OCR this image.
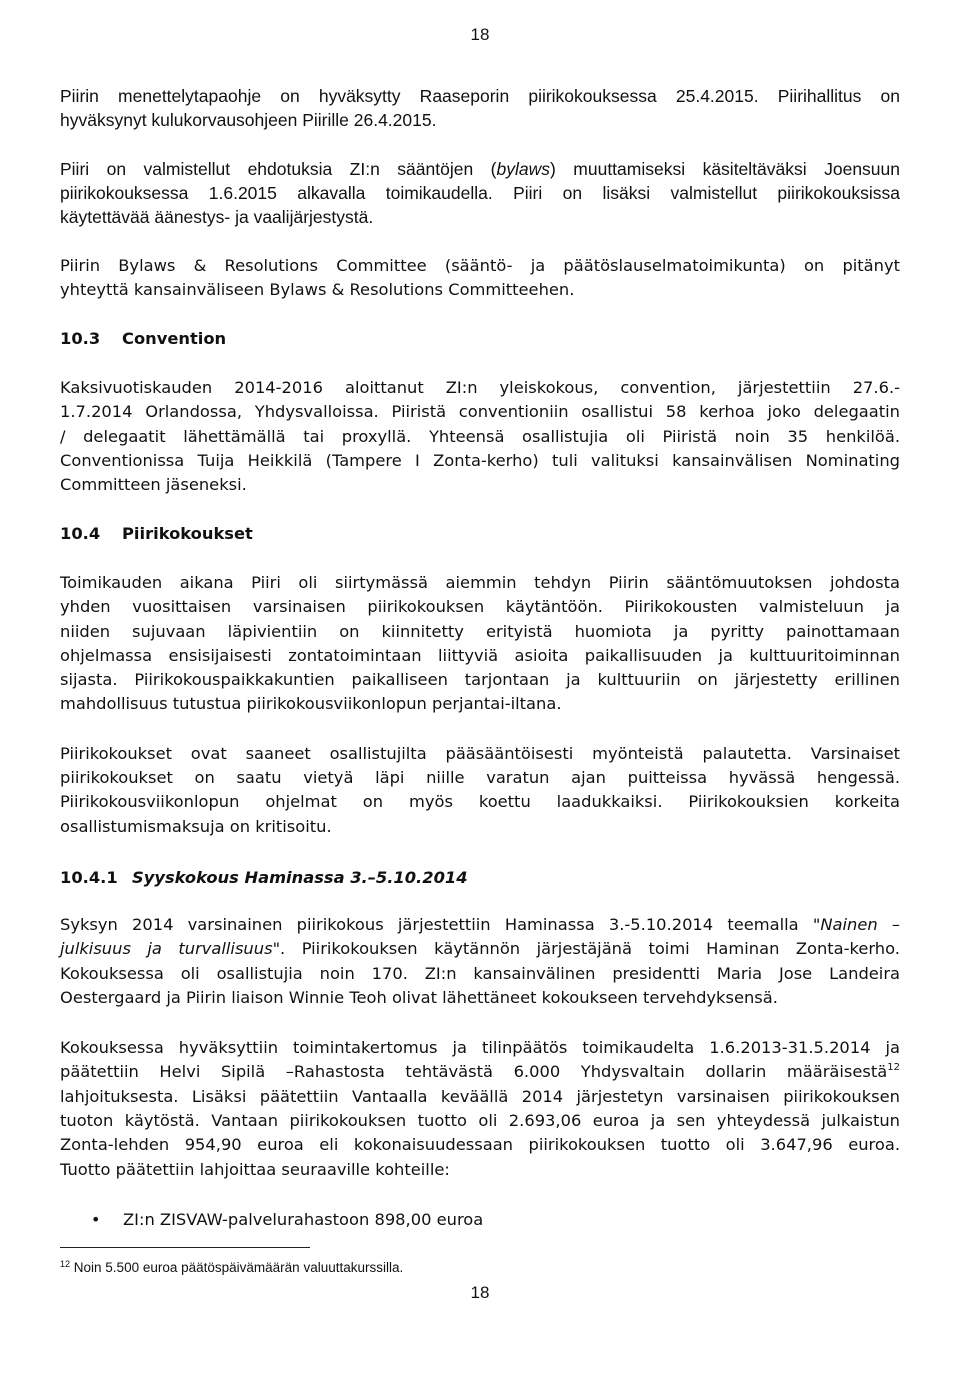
18
Piirin menettelytapaohje on hyväksytty Raaseporin piirikokouksessa 25.4.2015. Piirihallitus on
hyväksynyt kulukorvausohjeen Piirille 26.4.2015.
Piiri on valmistellut ehdotuksia ZI:n sääntöjen (bylaws) muuttamiseksi käsiteltäväksi Joensuun
piirikokouksessa 1.6.2015 alkavalla toimikaudella. Piiri on lisäksi valmistellut piirikokouksissa
käytettävää äänestys- ja vaalijärjestystä.
Piirin Bylaws & Resolutions Committee (sääntö- ja päätöslauselmatoimikunta) on pitänyt
yhteyttä kansainväliseen Bylaws & Resolutions Committeehen.
10.3 Convention
Kaksivuotiskauden 2014-2016 aloittanut ZI:n yleiskokous, convention, järjestettiin 27.6.-
1.7.2014 Orlandossa, Yhdysvalloissa. Piiristä conventioniin osallistui 58 kerhoa joko delegaatin
/ delegaatit lähettämällä tai proxyllä. Yhteensä osallistujia oli Piiristä noin 35 henkilöä.
Conventionissa Tuija Heikkilä (Tampere I Zonta-kerho) tuli valituksi kansainvälisen Nominating
Committeen jäseneksi.
10.4 Piirikokoukset
Toimikauden aikana Piiri oli siirtymässä aiemmin tehdyn Piirin sääntömuutoksen johdosta
yhden vuosittaisen varsinaisen piirikokouksen käytäntöön. Piirikokousten valmisteluun ja
niiden sujuvaan läpivientiin on kiinnitetty erityistä huomiota ja pyritty painottamaan
ohjelmassa ensisijaisesti zontatoimintaan liittyviä asioita paikallisuuden ja kulttuuritoiminnan
sijasta. Piirikokouspaikkakuntien paikalliseen tarjontaan ja kulttuuriin on järjestetty erillinen
mahdollisuus tutustua piirikokousviikonlopun perjantai-iltana.
Piirikokoukset ovat saaneet osallistujilta pääsääntöisesti myönteistä palautetta. Varsinaiset
piirikokoukset on saatu vietyä läpi niille varatun ajan puitteissa hyvässä hengessä.
Piirikokousviikonlopun ohjelmat on myös koettu laadukkaiksi. Piirikokouksien korkeita
osallistumismaksuja on kritisoitu.
10.4.1 Syyskokous Haminassa 3.–5.10.2014
Syksyn 2014 varsinainen piirikokous järjestettiin Haminassa 3.-5.10.2014 teemalla "Nainen –
julkisuus ja turvallisuus". Piirikokouksen käytännön järjestäjänä toimi Haminan Zonta-kerho.
Kokouksessa oli osallistujia noin 170. ZI:n kansainvälinen presidentti Maria Jose Landeira
Oestergaard ja Piirin liaison Winnie Teoh olivat lähettäneet kokoukseen tervehdyksensä.
Kokouksessa hyväksyttiin toimintakertomus ja tilinpäätös toimikaudelta 1.6.2013-31.5.2014 ja
päätettiin Helvi Sipilä –Rahastosta tehtävästä 6.000 Yhdysvaltain dollarin määräisestä$^{12}$
lahjoituksesta. Lisäksi päätettiin Vantaalla keväällä 2014 järjestetyn varsinaisen piirikokouksen
tuoton käytöstä. Vantaan piirikokouksen tuotto oli 2.693,06 euroa ja sen yhteydessä julkaistun
Zonta-lehden 954,90 euroa eli kokonaisuudessaan piirikokouksen tuotto oli 3.647,96 euroa.
Tuotto päätettiin lahjoittaa seuraaville kohteille:
• ZI:n ZISVAW-palvelurahastoon 898,00 euroa
$^{12}$ Noin 5.500 euroa päätöspäivämäärän valuuttakurssilla.
18
